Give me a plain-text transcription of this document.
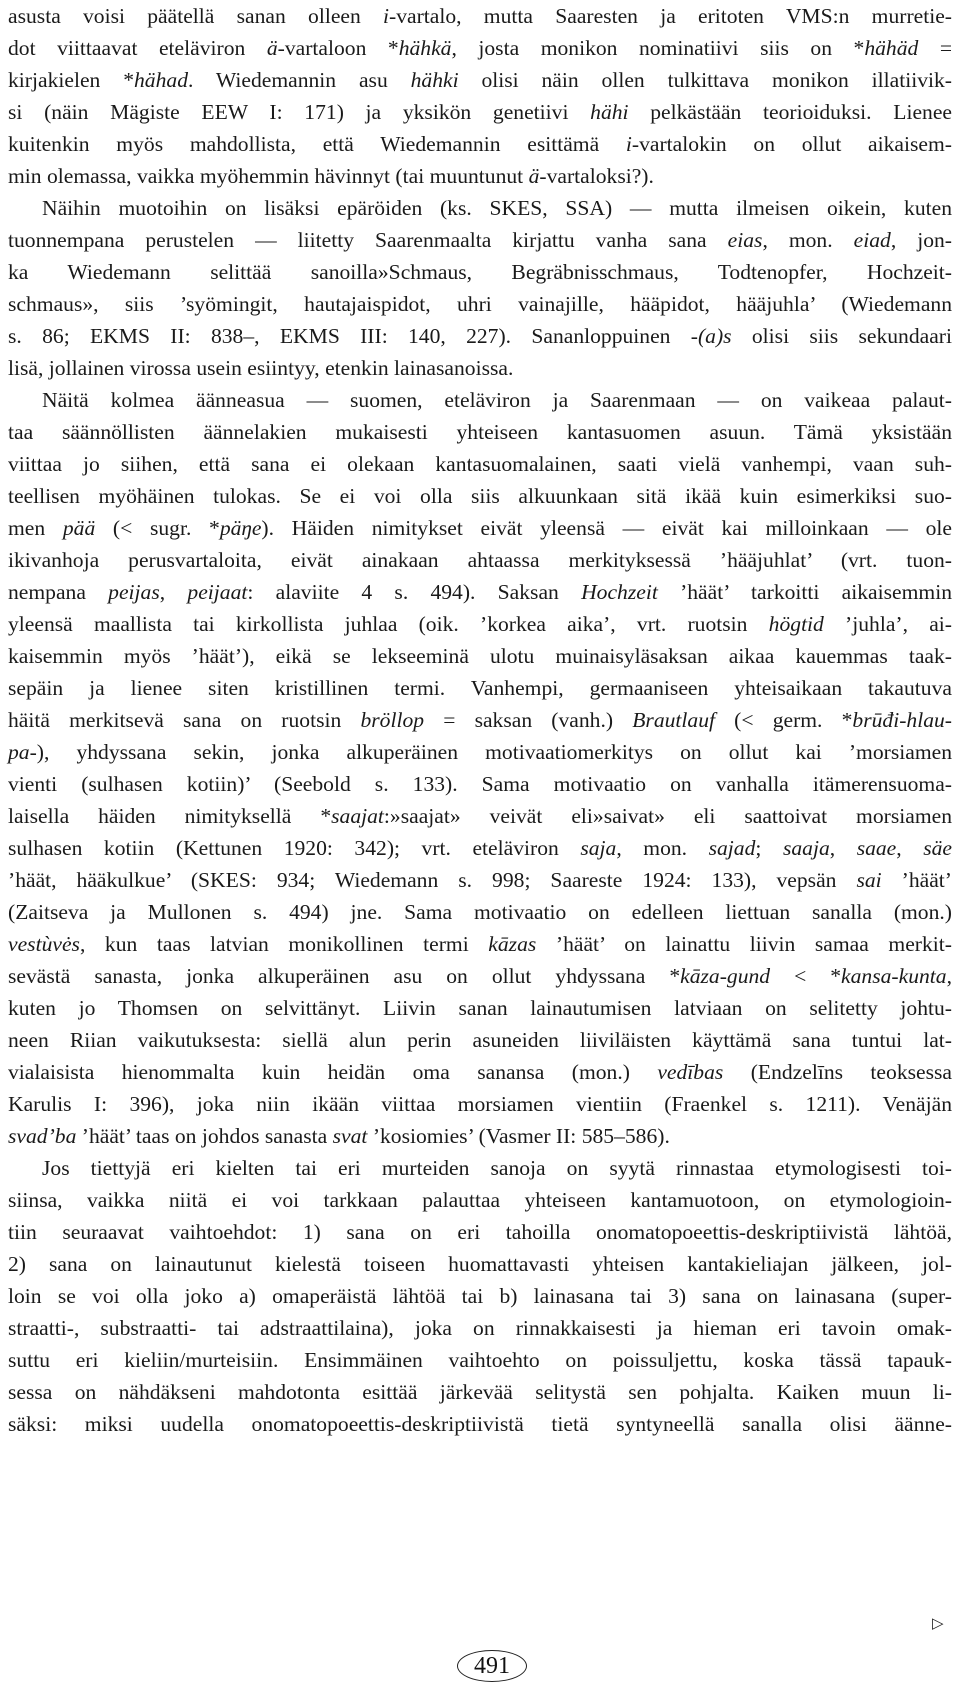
asusta voisi päätellä sanan olleen i-vartalo, mutta Saaresten ja eritoten VMS:n murretie-
dot viittaavat eteläviron ä-vartaloon *hähkä, josta monikon nominatiivi siis on *hähäd =
kirjakielen *hähad. Wiedemannin asu hähki olisi näin ollen tulkittava monikon illatiivik-
si (näin Mägiste EEW I: 171) ja yksikön genetiivi hähi pelkästään teorioiduksi. Lienee
kuitenkin myös mahdollista, että Wiedemannin esittämä i-vartalokin on ollut aikaisem-
min olemassa, vaikka myöhemmin hävinnyt (tai muuntunut ä-vartaloksi?).
Näihin muotoihin on lisäksi epäröiden (ks. SKES, SSA) — mutta ilmeisen oikein, kuten
tuonnempana perustelen — liitetty Saarenmaalta kirjattu vanha sana eias, mon. eiad, jon-
ka Wiedemann selittää sanoilla»Schmaus, Begräbnisschmaus, Todtenopfer, Hochzeit-
schmaus», siis ’syömingit, hautajaispidot, uhri vainajille, hääpidot, hääjuhla’ (Wiedemann
s. 86; EKMS II: 838–, EKMS III: 140, 227). Sananloppuinen -(a)s olisi siis sekundaari
lisä, jollainen virossa usein esiintyy, etenkin lainasanoissa.
Näitä kolmea äänneasua — suomen, eteläviron ja Saarenmaan — on vaikeaa palaut-
taa säännöllisten äännelakien mukaisesti yhteiseen kantasuomen asuun. Tämä yksistään
viittaa jo siihen, että sana ei olekaan kantasuomalainen, saati vielä vanhempi, vaan suh-
teellisen myöhäinen tulokas. Se ei voi olla siis alkuunkaan sitä ikää kuin esimerkiksi suo-
men pää (< sugr. *päŋe). Häiden nimitykset eivät yleensä — eivät kai milloinkaan — ole
ikivanhoja perusvartaloita, eivät ainakaan ahtaassa merkityksessä ’hääjuhlat’ (vrt. tuon-
nempana peijas, peijaat: alaviite 4 s. 494). Saksan Hochzeit ’häät’ tarkoitti aikaisemmin
yleensä maallista tai kirkollista juhlaa (oik. ’korkea aika’, vrt. ruotsin högtid ’juhla’, ai-
kaisemmin myös ’häät’), eikä se lekseeminä ulotu muinaisyläsaksan aikaa kauemmas taak-
sepäin ja lienee siten kristillinen termi. Vanhempi, germaaniseen yhteisaikaan takautuva
häitä merkitsevä sana on ruotsin bröllop = saksan (vanh.) Brautlauf (< germ. *brūđi-hlau-
pa-), yhdyssana sekin, jonka alkuperäinen motivaatiomerkitys on ollut kai ’morsiamen
vienti (sulhasen kotiin)’ (Seebold s. 133). Sama motivaatio on vanhalla itämerensuoma-
laisella häiden nimityksellä *saajat:»saajat» veivät eli»saivat» eli saattoivat morsiamen
sulhasen kotiin (Kettunen 1920: 342); vrt. eteläviron saja, mon. sajad; saaja, saae, säe
’häät, hääkulkue’ (SKES: 934; Wiedemann s. 998; Saareste 1924: 133), vepsän sai ’häät’
(Zaitseva ja Mullonen s. 494) jne. Sama motivaatio on edelleen liettuan sanalla (mon.)
vestùvės, kun taas latvian monikollinen termi kāzas ’häät’ on lainattu liivin samaa merkit-
sevästä sanasta, jonka alkuperäinen asu on ollut yhdyssana *kāza-gund < *kansa-kunta,
kuten jo Thomsen on selvittänyt. Liivin sanan lainautumisen latviaan on selitetty johtu-
neen Riian vaikutuksesta: siellä alun perin asuneiden liiviläisten käyttämä sana tuntui lat-
vialaisista hienommalta kuin heidän oma sanansa (mon.) vedības (Endzelīns teoksessa
Karulis I: 396), joka niin ikään viittaa morsiamen vientiin (Fraenkel s. 1211). Venäjän
svad’ba ’häät’ taas on johdos sanasta svat ’kosiomies’ (Vasmer II: 585–586).
Jos tiettyjä eri kielten tai eri murteiden sanoja on syytä rinnastaa etymologisesti toi-
siinsa, vaikka niitä ei voi tarkkaan palauttaa yhteiseen kantamuotoon, on etymologioin-
tiin seuraavat vaihtoehdot: 1) sana on eri tahoilla onomatopoeettis-deskriptiivistä lähtöä,
2) sana on lainautunut kielestä toiseen huomattavasti yhteisen kantakieliajan jälkeen, jol-
loin se voi olla joko a) omaperäistä lähtöä tai b) lainasana tai 3) sana on lainasana (super-
straatti-, substraatti- tai adstraattilaina), joka on rinnakkaisesti ja hieman eri tavoin omak-
suttu eri kieliin/murteisiin. Ensimmäinen vaihtoehto on poissuljettu, koska tässä tapauk-
sessa on nähdäkseni mahdotonta esittää järkevää selitystä sen pohjalta. Kaiken muun li-
säksi: miksi uudella onomatopoeettis-deskriptiivistä tietä syntyneellä sanalla olisi äänne-
▷
491
